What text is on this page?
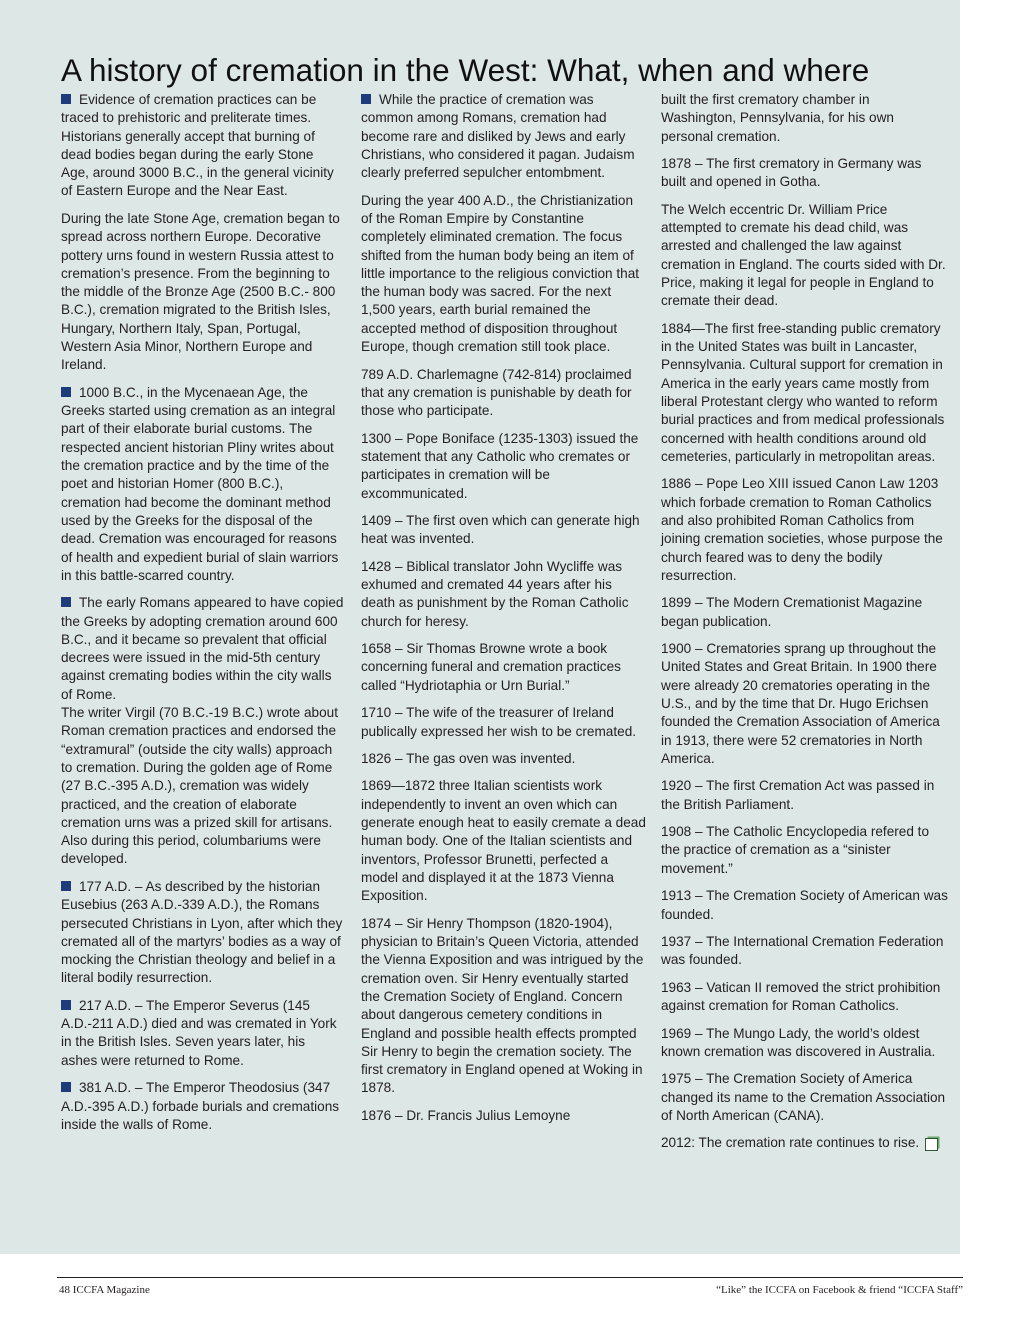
A history of cremation in the West: What, when and where

Evidence of cremation practices can be traced to prehistoric and preliterate times. Historians generally accept that burning of dead bodies began during the early Stone Age, around 3000 B.C., in the general vicinity of Eastern Europe and the Near East.

During the late Stone Age, cremation began to spread across northern Europe. Decorative pottery urns found in western Russia attest to cremation’s presence. From the beginning to the middle of the Bronze Age (2500 B.C.- 800 B.C.), cremation migrated to the British Isles, Hungary, Northern Italy, Span, Portugal, Western Asia Minor, Northern Europe and Ireland.

1000 B.C., in the Mycenaean Age, the Greeks started using cremation as an integral part of their elaborate burial customs. The respected ancient historian Pliny writes about the cremation practice and by the time of the poet and historian Homer (800 B.C.), cremation had become the dominant method used by the Greeks for the disposal of the dead. Cremation was encouraged for reasons of health and expedient burial of slain warriors in this battle-scarred country.

The early Romans appeared to have copied the Greeks by adopting cremation around 600 B.C., and it became so prevalent that official decrees were issued in the mid-5th century against cremating bodies within the city walls of Rome.
The writer Virgil (70 B.C.-19 B.C.) wrote about Roman cremation practices and endorsed the “extramural” (outside the city walls) approach to cremation. During the golden age of Rome (27 B.C.-395 A.D.), cremation was widely practiced, and the creation of elaborate cremation urns was a prized skill for artisans. Also during this period, columbariums were developed.

177 A.D. – As described by the historian Eusebius (263 A.D.-339 A.D.), the Romans persecuted Christians in Lyon, after which they cremated all of the martyrs’ bodies as a way of mocking the Christian theology and belief in a literal bodily resurrection.

217 A.D. – The Emperor Severus (145 A.D.-211 A.D.) died and was cremated in York in the British Isles. Seven years later, his ashes were returned to Rome.

381 A.D. – The Emperor Theodosius (347 A.D.-395 A.D.) forbade burials and cremations inside the walls of Rome.

While the practice of cremation was common among Romans, cremation had become rare and disliked by Jews and early Christians, who considered it pagan. Judaism clearly preferred sepulcher entombment.

During the year 400 A.D., the Christianization of the Roman Empire by Constantine completely eliminated cremation. The focus shifted from the human body being an item of little importance to the religious conviction that the human body was sacred. For the next 1,500 years, earth burial remained the accepted method of disposition throughout Europe, though cremation still took place.

789 A.D. Charlemagne (742-814) proclaimed that any cremation is punishable by death for those who participate.

1300 – Pope Boniface (1235-1303) issued the statement that any Catholic who cremates or participates in cremation will be excommunicated.

1409 – The first oven which can generate high heat was invented.

1428 – Biblical translator John Wycliffe was exhumed and cremated 44 years after his death as punishment by the Roman Catholic church for heresy.

1658 – Sir Thomas Browne wrote a book concerning funeral and cremation practices called “Hydriotaphia or Urn Burial.”

1710 – The wife of the treasurer of Ireland publically expressed her wish to be cremated.

1826 – The gas oven was invented.

1869—1872 three Italian scientists work independently to invent an oven which can generate enough heat to easily cremate a dead human body. One of the Italian scientists and inventors, Professor Brunetti, perfected a model and displayed it at the 1873 Vienna Exposition.

1874 – Sir Henry Thompson (1820-1904), physician to Britain’s Queen Victoria, attended the Vienna Exposition and was intrigued by the cremation oven. Sir Henry eventually started the Cremation Society of England. Concern about dangerous cemetery conditions in England and possible health effects prompted Sir Henry to begin the cremation society. The first crematory in England opened at Woking in 1878.

1876 – Dr. Francis Julius Lemoyne

built the first crematory chamber in Washington, Pennsylvania, for his own personal cremation.

1878 – The first crematory in Germany was built and opened in Gotha.

The Welch eccentric Dr. William Price attempted to cremate his dead child, was arrested and challenged the law against cremation in England. The courts sided with Dr. Price, making it legal for people in England to cremate their dead.

1884—The first free-standing public crematory in the United States was built in Lancaster, Pennsylvania. Cultural support for cremation in America in the early years came mostly from liberal Protestant clergy who wanted to reform burial practices and from medical professionals concerned with health conditions around old cemeteries, particularly in metropolitan areas.

1886 – Pope Leo XIII issued Canon Law 1203 which forbade cremation to Roman Catholics and also prohibited Roman Catholics from joining cremation societies, whose purpose the church feared was to deny the bodily resurrection.

1899 – The Modern Cremationist Magazine began publication.

1900 – Crematories sprang up throughout the United States and Great Britain. In 1900 there were already 20 crematories operating in the U.S., and by the time that Dr. Hugo Erichsen founded the Cremation Association of America in 1913, there were 52 crematories in North America.

1920 – The first Cremation Act was passed in the British Parliament.

1908 – The Catholic Encyclopedia refered to the practice of cremation as a “sinister movement.”

1913 – The Cremation Society of American was founded.

1937 – The International Cremation Federation was founded.

1963 – Vatican II removed the strict prohibition against cremation for Roman Catholics.

1969 – The Mungo Lady, the world’s oldest known cremation was discovered in Australia.

1975 – The Cremation Society of America changed its name to the Cremation Association of North American (CANA).

2012: The cremation rate continues to rise.

48 ICCFA Magazine	“Like” the ICCFA on Facebook & friend “ICCFA Staff”
